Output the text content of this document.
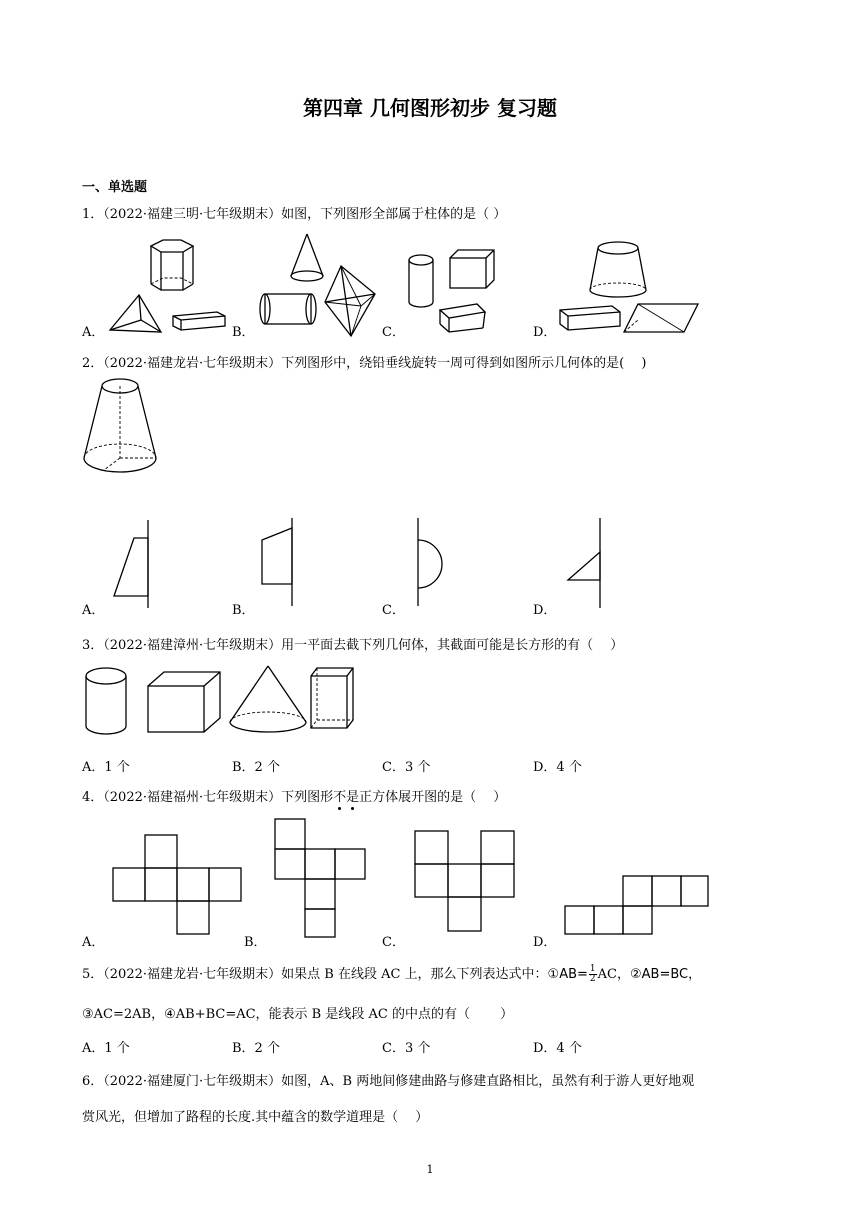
第四章 几何图形初步 复习题
一、单选题
1．（2022·福建三明·七年级期末）如图，下列图形全部属于柱体的是（ ）
A．	B．	C．	D．
2．（2022·福建龙岩·七年级期末）下列图形中，绕铅垂线旋转一周可得到如图所示几何体的是(　 )
A．	B．	C．	D．
3．（2022·福建漳州·七年级期末）用一平面去截下列几何体，其截面可能是长方形的有（　 ）
A．1 个	B．2 个	C．3 个	D．4 个
4．（2022·福建福州·七年级期末）下列图形不是正方体展开图的是（　 ）
A．	B．	C．	D．
5．（2022·福建龙岩·七年级期末）如果点 B 在线段 AC 上，那么下列表达式中：①AB= $\frac{1}{2}$ AC，②AB=BC，
③AC=2AB，④AB+BC=AC，能表示 B 是线段 AC 的中点的有（　　 ）
A．1 个	B．2 个	C．3 个	D．4 个
6．（2022·福建厦门·七年级期末）如图，A、B 两地间修建曲路与修建直路相比，虽然有利于游人更好地观
赏风光，但增加了路程的长度.其中蕴含的数学道理是（　 ）
1
